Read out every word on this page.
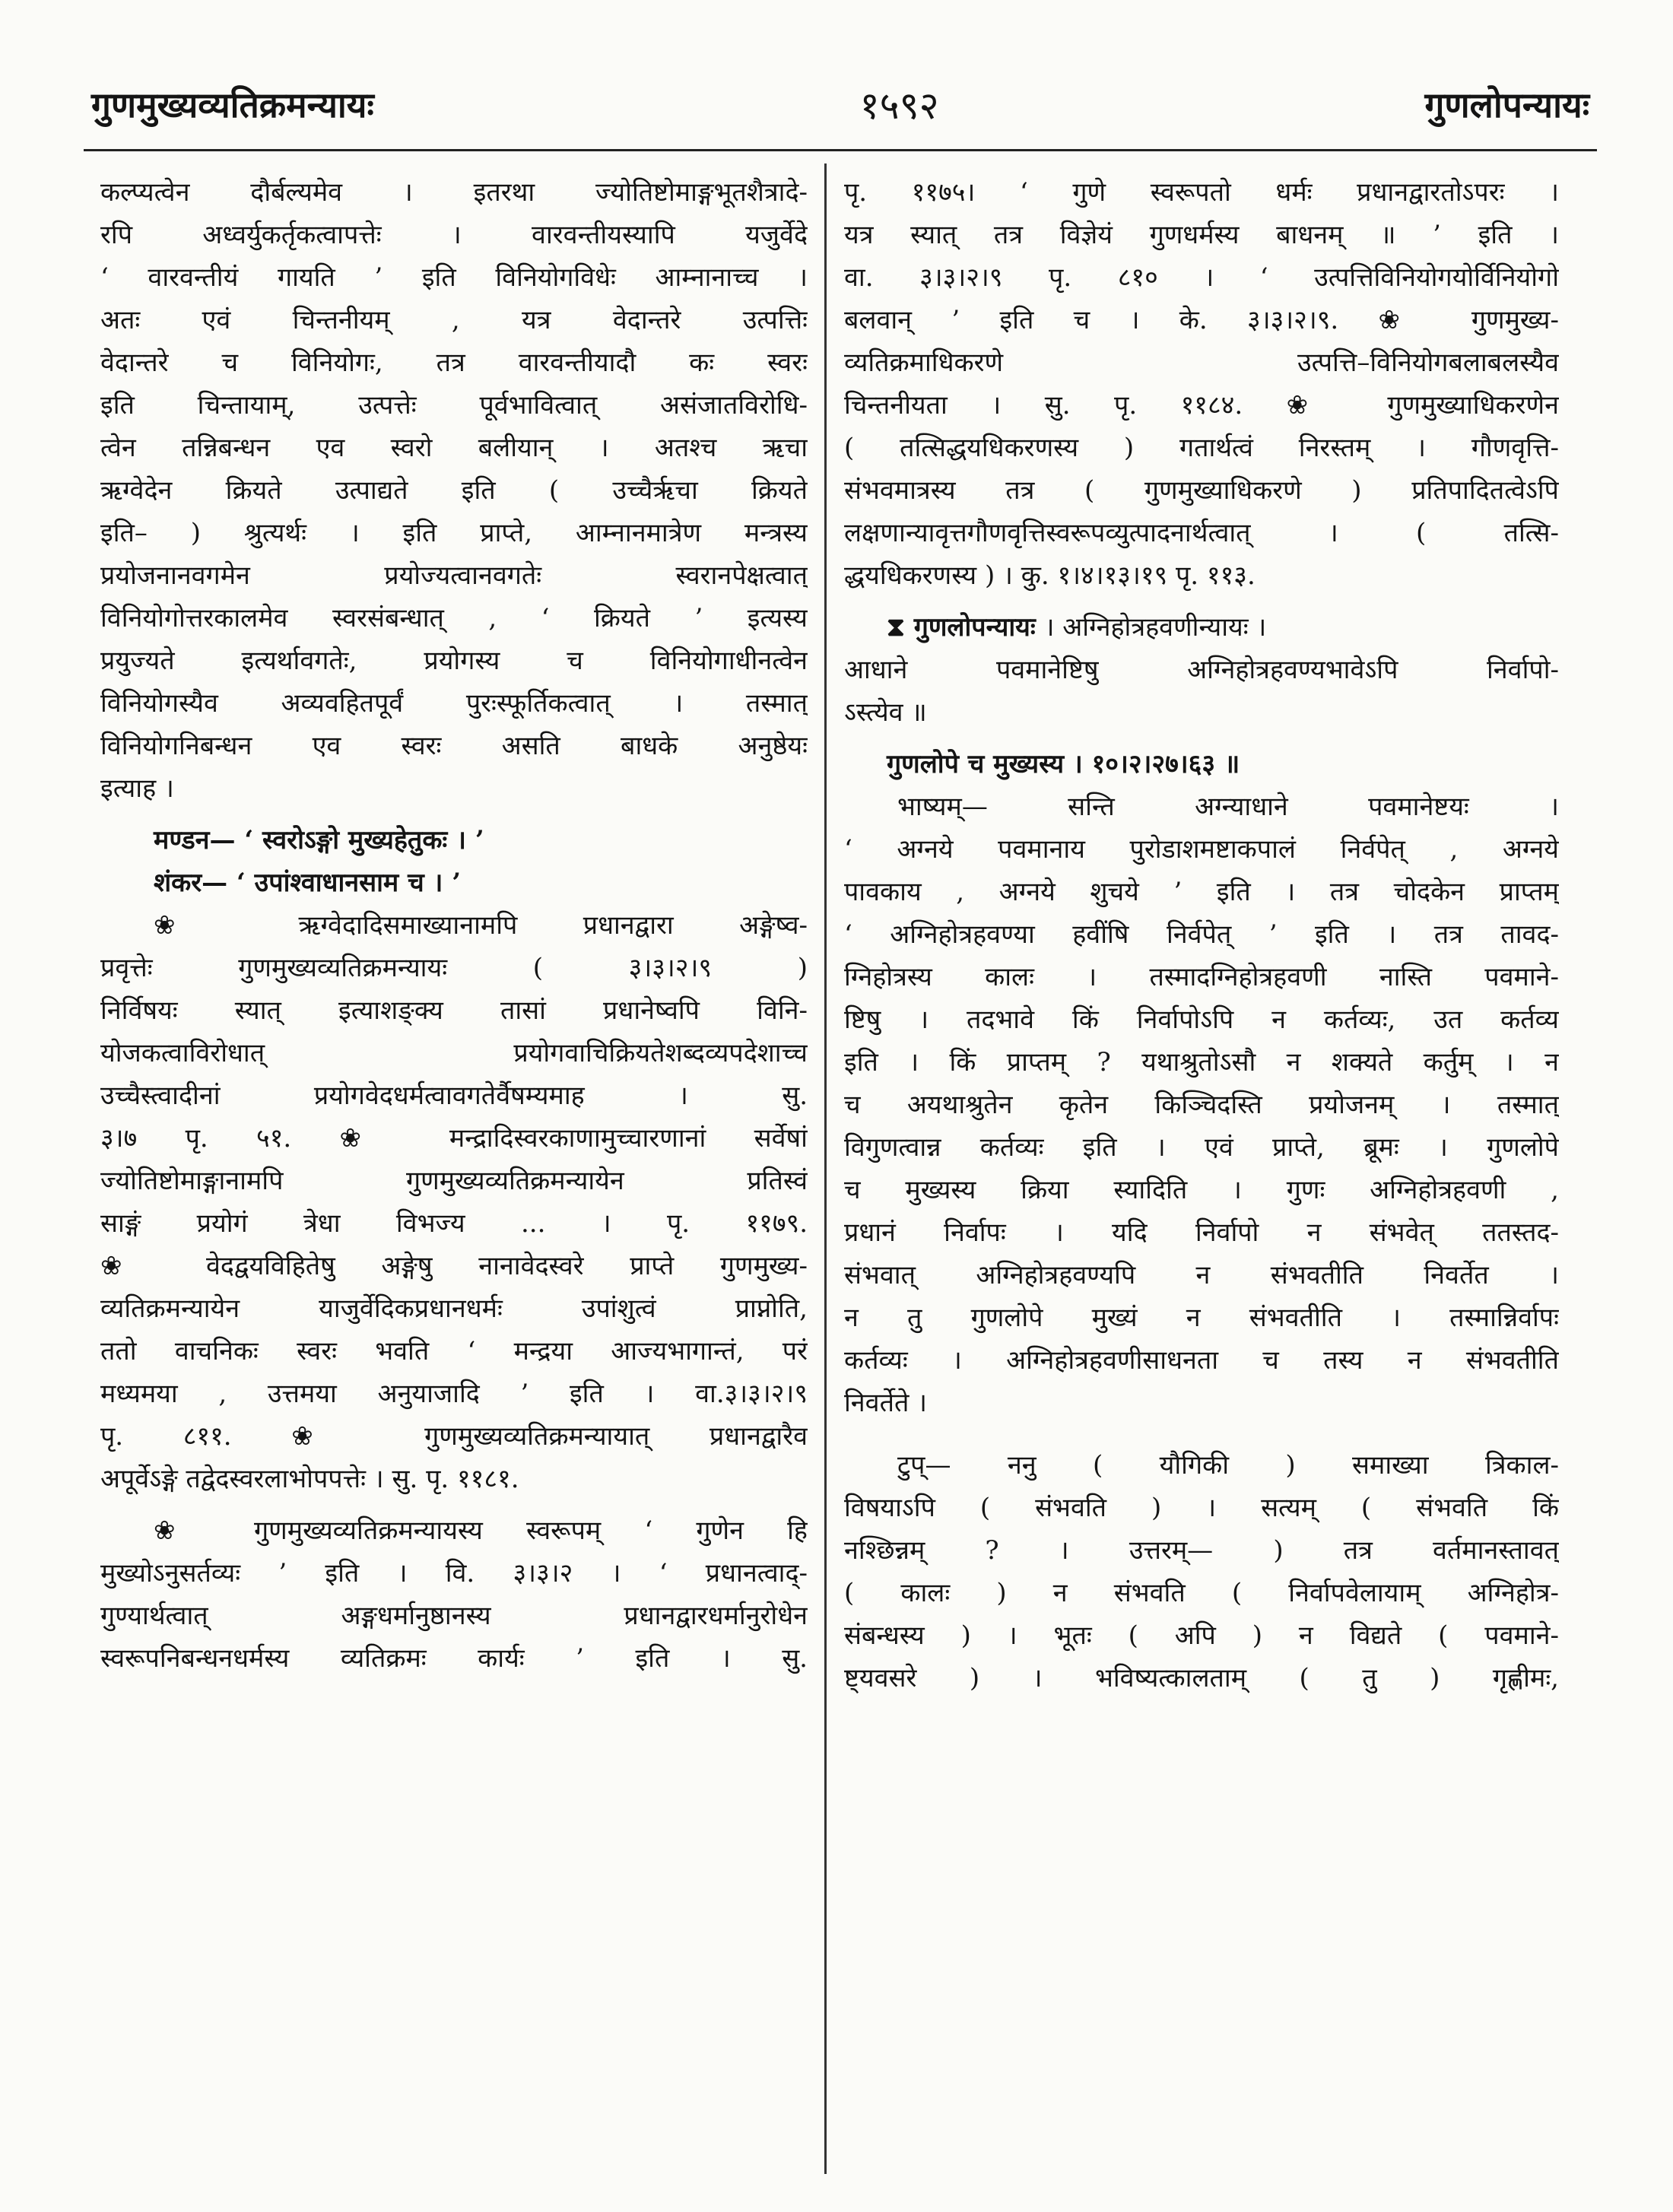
गुणमुख्यव्यतिक्रमन्यायः	१५९२	गुणलोपन्यायः
कल्प्यत्वेन दौर्बल्यमेव । इतरथा ज्योतिष्टोमाङ्गभूतशैत्रादे-
रपि अध्वर्युकर्तृकत्वापत्तेः । वारवन्तीयस्यापि यजुर्वेदे
‘ वारवन्तीयं गायति ’ इति विनियोगविधेः आम्नानाच्च ।
अतः एवं चिन्तनीयम् , यत्र वेदान्तरे उत्पत्तिः
वेदान्तरे च विनियोगः, तत्र वारवन्तीयादौ कः स्वरः
इति चिन्तायाम्, उत्पत्तेः पूर्वभावित्वात् असंजातविरोधि-
त्वेन तन्निबन्धन एव स्वरो बलीयान् । अतश्च ऋचा
ऋग्वेदेन क्रियते उत्पाद्यते इति ( उच्चैर्ऋचा क्रियते
इति– ) श्रुत्यर्थः । इति प्राप्ते, आम्नानमात्रेण मन्त्रस्य
प्रयोजनानवगमेन प्रयोज्यत्वानवगतेः स्वरानपेक्षत्वात्
विनियोगोत्तरकालमेव स्वरसंबन्धात् , ‘ क्रियते ’ इत्यस्य
प्रयुज्यते इत्यर्थावगतेः, प्रयोगस्य च विनियोगाधीनत्वेन
विनियोगस्यैव अव्यवहितपूर्वं पुरःस्फूर्तिकत्वात् । तस्मात्
विनियोगनिबन्धन एव स्वरः असति बाधके अनुष्ठेयः
इत्याह ।
मण्डन— ‘ स्वरोऽङ्गो मुख्यहेतुकः । ’
शंकर— ‘ उपांश्वाधानसाम च । ’
❀ ऋग्वेदादिसमाख्यानामपि प्रधानद्वारा अङ्गेष्व-
प्रवृत्तेः गुणमुख्यव्यतिक्रमन्यायः ( ३।३।२।९ )
निर्विषयः स्यात् इत्याशङ्क्य तासां प्रधानेष्वपि विनि-
योजकत्वाविरोधात् प्रयोगवाचिक्रियतेशब्दव्यपदेशाच्च
उच्चैस्त्वादीनां प्रयोगवेदधर्मत्वावगतेर्वैषम्यमाह । सु.
३।७ पृ. ५१. ❀ मन्द्रादिस्वरकाणामुच्चारणानां सर्वेषां
ज्योतिष्टोमाङ्गानामपि गुणमुख्यव्यतिक्रमन्यायेन प्रतिस्वं
साङ्गं प्रयोगं त्रेधा विभज्य ... । पृ. ११७९.
❀ वेदद्वयविहितेषु अङ्गेषु नानावेदस्वरे प्राप्ते गुणमुख्य-
व्यतिक्रमन्यायेन याजुर्वेदिकप्रधानधर्मः उपांशुत्वं प्राप्नोति,
ततो वाचनिकः स्वरः भवति ‘ मन्द्रया आज्यभागान्तं, परं
मध्यमया , उत्तमया अनुयाजादि ’ इति । वा.३।३।२।९
पृ. ८११. ❀ गुणमुख्यव्यतिक्रमन्यायात् प्रधानद्वारैव
अपूर्वेऽङ्गे तद्वेदस्वरलाभोपपत्तेः । सु. पृ. ११८१.
❀ गुणमुख्यव्यतिक्रमन्यायस्य स्वरूपम् ‘ गुणेन हि
मुख्योऽनुसर्तव्यः ’ इति । वि. ३।३।२ । ‘ प्रधानत्वाद्-
गुण्यार्थत्वात् अङ्गधर्मानुष्ठानस्य प्रधानद्वारधर्मानुरोधेन
स्वरूपनिबन्धनधर्मस्य व्यतिक्रमः कार्यः ’ इति । सु.
पृ. ११७५। ‘ गुणे स्वरूपतो धर्मः प्रधानद्वारतोऽपरः ।
यत्र स्यात् तत्र विज्ञेयं गुणधर्मस्य बाधनम् ॥ ’ इति ।
वा. ३।३।२।९ पृ. ८१० । ‘ उत्पत्तिविनियोगयोर्विनियोगो
बलवान् ’ इति च । के. ३।३।२।९. ❀ गुणमुख्य-
व्यतिक्रमाधिकरणे उत्पत्ति–विनियोगबलाबलस्यैव
चिन्तनीयता । सु. पृ. ११८४. ❀ गुणमुख्याधिकरणेन
( तत्सिद्धयधिकरणस्य ) गतार्थत्वं निरस्तम् । गौणवृत्ति-
संभवमात्रस्य तत्र ( गुणमुख्याधिकरणे ) प्रतिपादितत्वेऽपि
लक्षणान्यावृत्तगौणवृत्तिस्वरूपव्युत्पादनार्थत्वात् । ( तत्सि-
द्धयधिकरणस्य ) । कु. १।४।१३।१९ पृ. ११३.
⧗ गुणलोपन्यायः । अग्निहोत्रहवणीन्यायः ।
आधाने पवमानेष्टिषु अग्निहोत्रहवण्यभावेऽपि निर्वापो-
ऽस्त्येव ॥
गुणलोपे च मुख्यस्य । १०।२।२७।६३ ॥
भाष्यम्— सन्ति अग्न्याधाने पवमानेष्टयः ।
‘ अग्नये पवमानाय पुरोडाशमष्टाकपालं निर्वपेत् , अग्नये
पावकाय , अग्नये शुचये ’ इति । तत्र चोदकेन प्राप्तम्
‘ अग्निहोत्रहवण्या हवींषि निर्वपेत् ’ इति । तत्र तावद-
ग्निहोत्रस्य कालः । तस्मादग्निहोत्रहवणी नास्ति पवमाने-
ष्टिषु । तदभावे किं निर्वापोऽपि न कर्तव्यः, उत कर्तव्य
इति । किं प्राप्तम् ? यथाश्रुतोऽसौ न शक्यते कर्तुम् । न
च अयथाश्रुतेन कृतेन किञ्चिदस्ति प्रयोजनम् । तस्मात्
विगुणत्वान्न कर्तव्यः इति । एवं प्राप्ते, ब्रूमः । गुणलोपे
च मुख्यस्य क्रिया स्यादिति । गुणः अग्निहोत्रहवणी ,
प्रधानं निर्वापः । यदि निर्वापो न संभवेत् ततस्तद-
संभवात् अग्निहोत्रहवण्यपि न संभवतीति निवर्तेत ।
न तु गुणलोपे मुख्यं न संभवतीति । तस्मान्निर्वापः
कर्तव्यः । अग्निहोत्रहवणीसाधनता च तस्य न संभवतीति
निवर्तेते ।
टुप्— ननु ( यौगिकी ) समाख्या त्रिकाल-
विषयाऽपि ( संभवति ) । सत्यम् ( संभवति किं
नश्छिन्नम् ? । उत्तरम्— ) तत्र वर्तमानस्तावत्
( कालः ) न संभवति ( निर्वापवेलायाम् अग्निहोत्र-
संबन्धस्य ) । भूतः ( अपि ) न विद्यते ( पवमाने-
ष्ट्यवसरे ) । भविष्यत्कालताम् ( तु ) गृह्णीमः,
